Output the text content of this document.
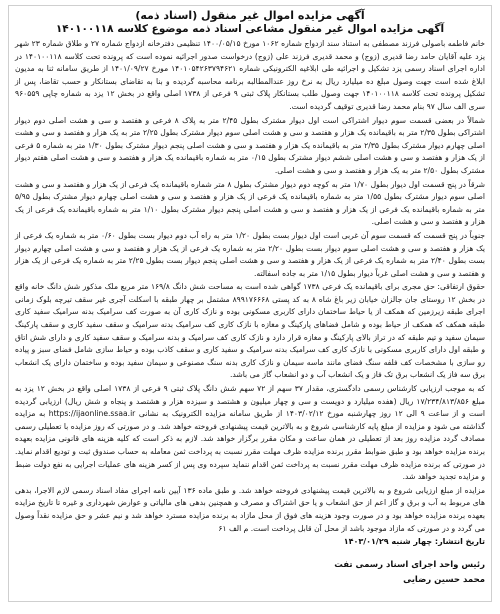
آگهی مزایده اموال غیر منقول (اسناد ذمه)
آگهی مزایده اموال غیر منقول مشاعی اسناد ذمه موضوع کلاسه ۱۴۰۱۰۰۱۱۸

خانم فاطمه باصولی فرزند مصطفی به استناد سند ازدواج شماره ۱۰۶۲ مورخ ۱۴۰۰/۰۵/۱۵ تنظیمی دفترخانه ازدواج شماره ۲۷ و طلاق شماره ۲۳ شهر یزد علیه آقایان حامد رضا قدیری (زوج) و محمد قدیری فرزند علی (زوج) درخواست صدور اجرائیه نموده است که پرونده تحت کلاسه ۱۴۰۱۰۰۱۱۸ در اداره اجرای اسناد رسمی یزد تشکیل و اجرائیه طی ابلاغیه الکترونیکی شماره ۱۴۰۱۰۵۴۲۶۳۷۹۴۶۲۱ مورخ ۱۴۰۱/۰۹/۲۷ از طریق سامانه ثنا به مدیون ابلاغ شده است جهت وصول مبلغ ده میلیارد ریال به نرخ روز عندالمطالبه برنامه محاسبه گردیده و بنا به تقاضای بستانکار و حسب تقاضا، پس از تشکیل پرونده تحت کلاسه ۱۴۰۱۰۰۱۱۸ جهت وصول طلب بستانکار پلاک ثبتی ۹ فرعی از ۱۷۳۸ اصلی واقع در بخش ۱۲ یزد به شماره چاپی ۹۶۰۵۵۹ سری الف سال ۹۷ بنام محمد رضا قدیری توقیف گردیده است.

شمالاً در بعضی قسمت سوم دیوار اشتراکی است اول دیوار مشترک بطول ۲/۴۵ متر به پلاک ۸ فرعی و هفتصد و سی و هشت اصلی دوم دیوار اشتراکی بطول ۲/۳۵ متر به باقیمانده یک هزار و هفتصد و سی و هشت اصلی سوم دیوار مشترک بطول ۲/۲۵ متر به یک هزار و هفتصد و سی و هشت اصلی چهارم دیوار مشترک بطول ۲/۳۵ متر به باقیمانده یک هزار و هفتصد و سی و هشت اصلی پنجم دیوار مشترک بطول ۱/۳۰ متر به شماره ۵ فرعی از یک هزار و هفتصد و سی و هشت اصلی ششم دیوار مشترک بطول ۰/۱۵ متر به شماره باقیمانده یک هزار و هفتصد و سی و هشت اصلی هفتم دیوار مشترک بطول ۲/۵۰ متر به یک هزار و هفتصد و سی و هشت اصلی.

شرقاً در پنج قسمت اول دیوار بطول ۱/۷۰ متر به کوچه دوم دیوار مشترک بطول ۸ متر شماره باقیمانده یک فرعی از یک هزار و هفتصد و سی و هشت اصلی سوم دیوار مشترک بطول ۱/۵۵ متر به شماره باقیمانده یک فرعی از یک هزار و هفتصد و سی و هشت اصلی چهارم دیوار مشترک بطول ۵/۹۵ متر به شماره باقیمانده یک فرعی از یک هزار و هفتصد و سی و هشت اصلی پنجم دیوار مشترک بطول ۱/۱۰ متر به شماره باقیمانده یک فرعی از یک هزار و هفتصد و سی و هشت اصلی.

جنوباً در پنج قسمت که قسمت سوم آن غربی است اول دیوار بست بطول ۱/۲۰ متر به راه آب دوم دیوار بست بطول ۰/۶۰ متر به شماره یک فرعی از یک هزار و هفتصد و سی و هشت اصلی سوم دیوار بست بطول ۲/۲۰ متر به شماره یک فرعی از یک هزار و هفتصد و سی و هشت اصلی چهارم دیوار بست بطول ۲/۴۰ متر به شماره یک فرعی از یک هزار و هفتصد و سی و هشت اصلی پنجم دیوار بست بطول ۲/۲۵ متر به شماره یک فرعی از یک هزار و هفتصد و سی و هشت اصلی غرباً دیوار بطول ۱/۱۵ متر به جاده اسفالته.

حقوق ارتفاقی: حق مجری برای باقیمانده یک فرعی ۱۷۳۸ گواهی شده است به مساحت شش دانگ ۱۶۹/۸ متر مربع ملک مذکور شش دانگ خانه واقع در بخش ۱۲ روستای جان جالزان خیابان زیر باغ شاه ۸ به کد پستی ۸۹۹۱۷۶۶۶۸ مشتمل بر چهار طبقه با اسکلت آجری غیر سقف تیرچه بلوک زمانی اجرای طبقه زیرزمین که همکف از یا حیاط ساختمان دارای کاربری مسکونی بوده و نازک کاری آن به صورت کف سرامیک بدنه سرامیک سفید کاری طبقه همکف که همکف از حیاط بوده و شامل فضاهای پارکینگ و مغازه با نازک کاری کف سرامیک بدنه سرامیک و سقف سفید کاری و سقف پارکینگ سیمان سفید و تیم طبقه که در تراز بالای پارکینگ و مغازه قرار دارد و نازک کاری کف سرامیک و بدنه سرامیک و سقف سفید کاری و دارای شش اتاق و طبقه اول دارای کاربری مسکونی با نازک کاری کف سرامیک بدنه سرامیک و سفید کاری و سقف کاذب بوده و حیاط سازی شامل فضای سبز و پیاده رو سازی با مشخصات کف فلفه سنگ فضای مانند ماسه سیمان و نازک کاری بدنه سنگ مصنوعی و سیمان سفید بوده و ساختمان دارای یک انشعاب برق سه فاز یک انشعاب برق تک فاز و یک انشعاب آب و دو انشعاب گاز می باشد.

که به موجب ارزیابی کارشناس رسمی دادگستری، مقدار ۳۷ سهم از ۷۲ سهم شش دانگ پلاک ثبتی ۹ فرعی از ۱۷۳۸ اصلی واقع در بخش ۱۲ یزد به مبلغ ۱۷/۲۳۴/۸۱۳/۸۵۶ ریال (هفده میلیارد و دویست و سی و چهار میلیون و هشتصد و سیزده هزار و هشتصد و پنجاه و شش ریال) ارزیابی گردیده است و از ساعت ۹ الی ۱۲ روز چهارشنبه مورخ ۱۴۰۳/۰۲/۱۲ از طریق سامانه مزایده الکترونیک به نشانی https://ijaonline.ssaa.ir به مزایده گذاشته می شود و مزایده از مبلغ پایه کارشناسی شروع و به بالاترین قیمت پیشنهادی فروخته خواهد شد. و در صورتی که روز مزایده با تعطیلی رسمی مصادف گردد مزایده روز بعد از تعطیلی در همان ساعت و مکان مقرر برگزار خواهد شد. لازم به ذکر است که کلیه هزینه های قانونی مزایده بعهده برنده مزایده خواهد بود و طبق ضوابط مقرر برنده مزایده ظرف مهلت مقرر نسبت به پرداخت ثمن معامله به حساب صندوق ثبت و تودیع اقدام نماید. در صورتی که برنده مزایده ظرف مهلت مقرر نسبت به پرداخت ثمن اقدام ننماید سپرده وی پس از کسر هزینه های عملیات اجرایی به نفع دولت ضبط و مزایده تجدید خواهد شد.

مزایده از مبلغ ارزیابی شروع و به بالاترین قیمت پیشنهادی فروخته خواهد شد. و طبق ماده ۱۳۶ آیین نامه اجرای مفاد اسناد رسمی لازم الاجرا، بدهی های مربوط به آب و برق و گاز اعم از حق انشعاب و یا حق اشتراک و مصرف و همچنین بدهی های مالیاتی و عوارض شهرداری و غیره تا تاریخ مزایده بعهده برنده مزایده خواهد بود و در صورت وجود هزینه های فوق از محل مازاد به برنده مزایده مسترد خواهد شد و نیم عشر و حق مزایده نقداً وصول می گردد و در صورتی که مازاد موجود باشد از محل آن قابل پرداخت است. م الف ۶۱

تاریخ انتشار: چهار شنبه ۱۴۰۳/۰۱/۲۹
رئیس واحد اجرای اسناد رسمی تفت
محمد حسین رضایی
